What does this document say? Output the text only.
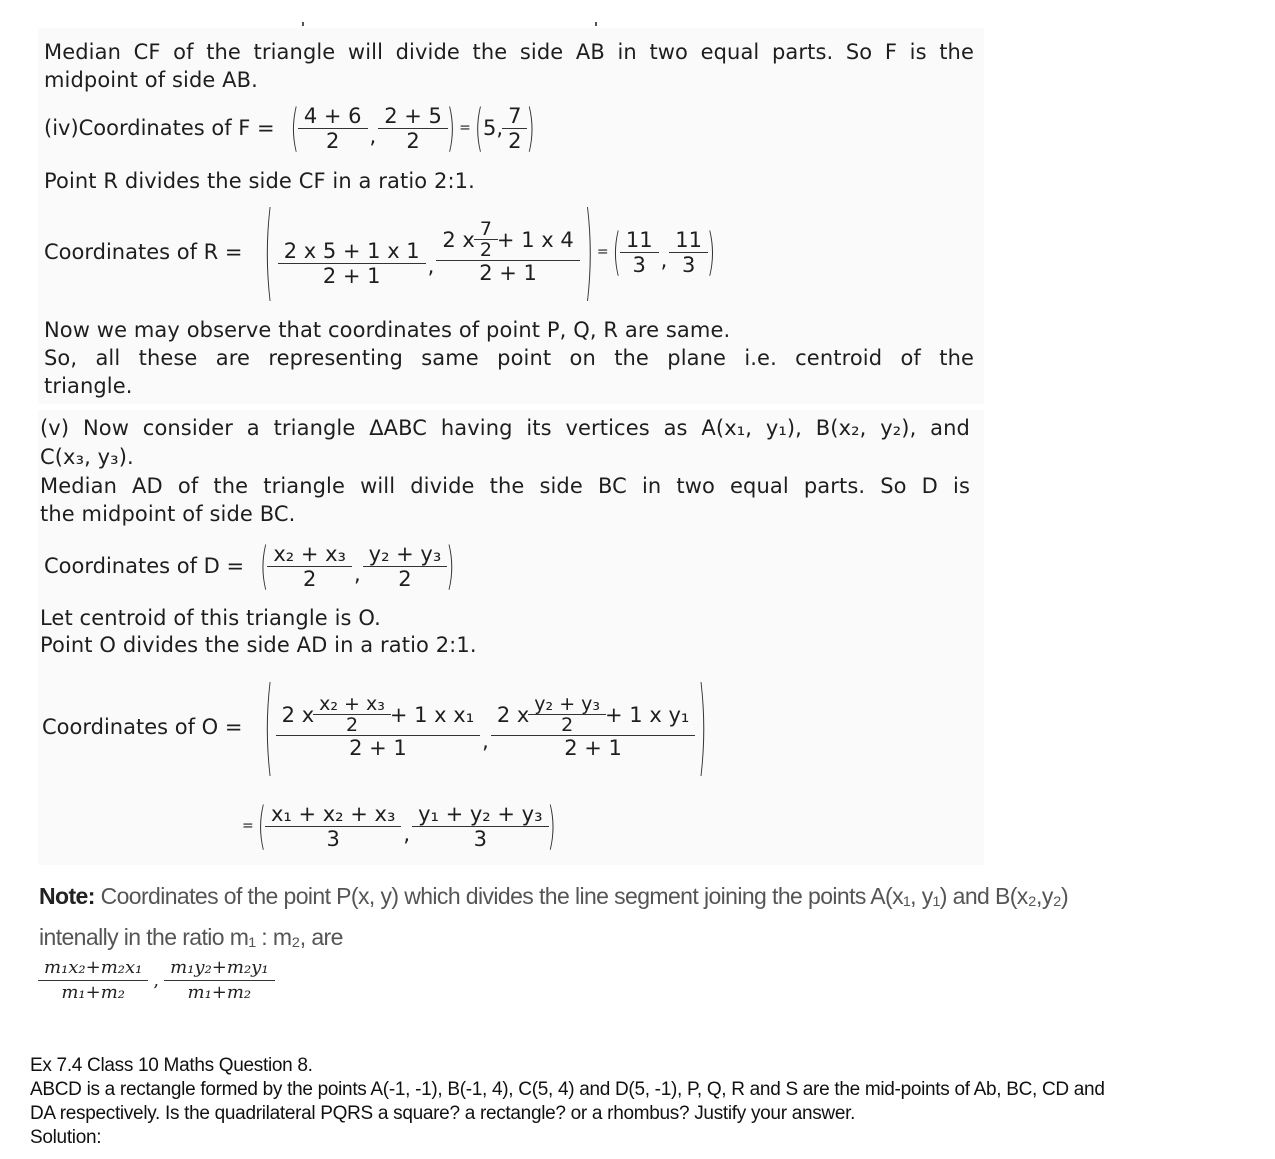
Median CF of the triangle will divide the side AB in two equal parts. So F is the
midpoint of side AB.
(iv)Coordinates of F = ( $\frac{4 + 6}{2}$ , $\frac{2 + 5}{2}$ ) = ( 5, $\frac{7}{2}$ )
Point R divides the side CF in a ratio 2:1.
Coordinates of R = ( $\frac{2 x 5 + 1 x 1}{2 + 1}$ , $\frac{2 x \frac{7}{2} + 1 x 4}{2 + 1}$ ) = ( $\frac{11}{3}$ , $\frac{11}{3}$ )
Now we may observe that coordinates of point P, Q, R are same.
So, all these are representing same point on the plane i.e. centroid of the
triangle.
(v) Now consider a triangle ΔABC having its vertices as A(x₁, y₁), B(x₂, y₂), and
C(x₃, y₃).
Median AD of the triangle will divide the side BC in two equal parts. So D is
the midpoint of side BC.
Coordinates of D = ( $\frac{\text{x₂ + x₃}}{2}$ , $\frac{\text{y₂ + y₃}}{2}$ )
Let centroid of this triangle is O.
Point O divides the side AD in a ratio 2:1.
Coordinates of O = ( $\frac{2 x \frac{\text{x₂ + x₃}}{2} + 1 x x_1}{2 + 1}$ , $\frac{2 x \frac{\text{y₂ + y₃}}{2} + 1 x y_1}{2 + 1}$ )
= ( $\frac{\text{x₁ + x₂ + x₃}}{3}$ , $\frac{\text{y₁ + y₂ + y₃}}{3}$ )
Note: Coordinates of the point P(x, y) which divides the line segment joining the points A(x₁, y₁) and B(x₂,y₂)
intenally in the ratio m₁ : m₂, are
$\frac{\text{m₁x₂+m₂x₁}}{\text{m₁+m₂}}$ , $\frac{\text{m₁y₂+m₂y₁}}{\text{m₁+m₂}}$
Ex 7.4 Class 10 Maths Question 8.
ABCD is a rectangle formed by the points A(-1, -1), B(-1, 4), C(5, 4) and D(5, -1), P, Q, R and S are the mid-points of Ab, BC, CD and
DA respectively. Is the quadrilateral PQRS a square? a rectangle? or a rhombus? Justify your answer.
Solution:
